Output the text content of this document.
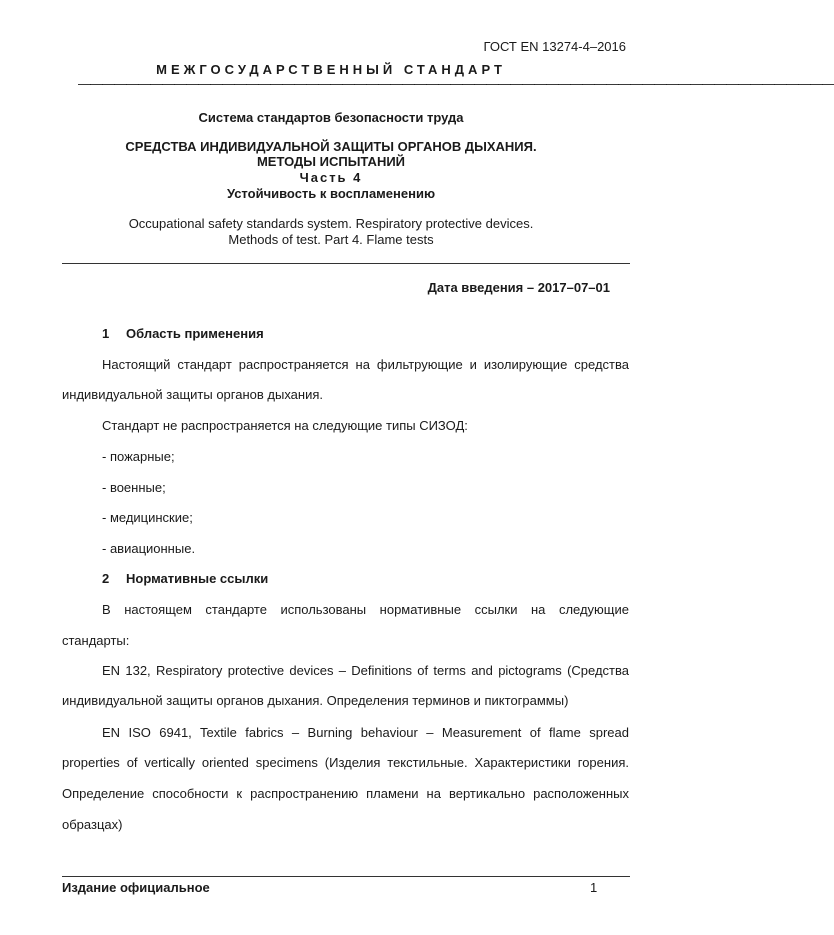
ГОСТ EN 13274-4–2016
МЕЖГОСУДАРСТВЕННЫЙ СТАНДАРТ
———————————————————————————————————————————————————————————————
Система стандартов безопасности труда
СРЕДСТВА ИНДИВИДУАЛЬНОЙ ЗАЩИТЫ ОРГАНОВ ДЫХАНИЯ.
МЕТОДЫ ИСПЫТАНИЙ
Часть 4
Устойчивость к воспламенению
Occupational safety standards system. Respiratory protective devices.
Methods of test. Part 4. Flame tests
Дата введения – 2017–07–01
1 Область применения
Настоящий стандарт распространяется на фильтрующие и изолирующие средства
индивидуальной защиты органов дыхания.
Стандарт не распространяется на следующие типы СИЗОД:
- пожарные;
- военные;
- медицинские;
- авиационные.
2 Нормативные ссылки
В настоящем стандарте использованы нормативные ссылки на следующие
стандарты:
EN 132, Respiratory protective devices – Definitions of terms and pictograms (Средства
индивидуальной защиты органов дыхания. Определения терминов и пиктограммы)
EN ISO 6941, Textile fabrics – Burning behaviour – Measurement of flame spread
properties of vertically oriented specimens (Изделия текстильные. Характеристики горения.
Определение способности к распространению пламени на вертикально расположенных
образцах)
Издание официальное	1
